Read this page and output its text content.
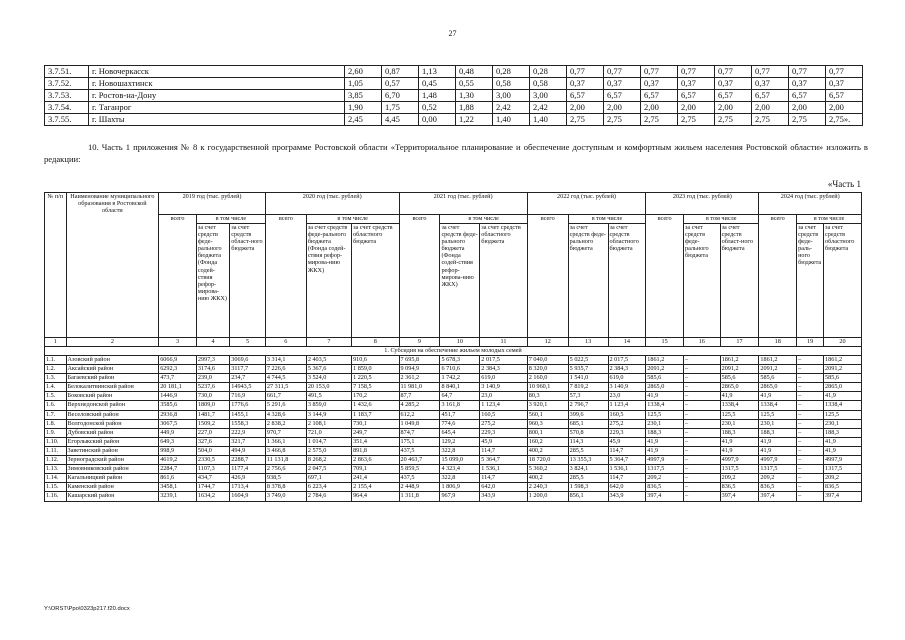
27
3.7.51.	г. Новочеркасск	2,60	0,87	1,13	0,48	0,28	0,28	0,77	0,77	0,77	0,77	0,77	0,77	0,77	0,77
3.7.52.	г. Новошахтинск	1,05	0,57	0,45	0,55	0,58	0,58	0,37	0,37	0,37	0,37	0,37	0,37	0,37	0,37
3.7.53.	г. Ростов-на-Дону	3,85	6,70	1,48	1,30	3,00	3,00	6,57	6,57	6,57	6,57	6,57	6,57	6,57	6,57
3.7.54.	г. Таганрог	1,90	1,75	0,52	1,88	2,42	2,42	2,00	2,00	2,00	2,00	2,00	2,00	2,00	2,00
3.7.55.	г. Шахты	2,45	4,45	0,00	1,22	1,40	1,40	2,75	2,75	2,75	2,75	2,75	2,75	2,75	2,75».
10. Часть 1 приложения № 8 к государственной программе Ростовской области «Территориальное планирование и обеспечение доступным и комфортным жильем населения Ростовской области» изложить в редакции:
«Часть 1
№ п/п	Наименование муниципального образования в Ростовской области	2019 год (тыс. рублей)			2020 год (тыс. рублей)			2021 год (тыс. рублей)			2022 год (тыс. рублей)			2023 год (тыс. рублей)			2024 год (тыс. рублей)		
		всего	в том числе		всего	в том числе		всего	в том числе		всего	в том числе		всего	в том числе		всего	в том числе	
			за счет средств феде-рального бюджета (Фонда содей-ствия рефор-мирова-нию ЖКХ)	за счет средств област-ного бюджета		за счет средств феде-рального бюджета (Фонда содей-ствия рефор-мирова-нию ЖКХ)	за счет средств областного бюджета		за счет средств феде-рального бюджета (Фонда содей-ствия рефор-мирова-нию ЖКХ)	за счет средств областного бюджета		за счет средств феде-рального бюджета	за счет средств областного бюджета		за счет средств феде-рального бюджета	за счет средств област-ного бюджета		за счет средств феде-раль-ного бюджета	за счет средств областного бюджета
1	2	3	4	5	6	7	8	9	10	11	12	13	14	15	16	17	18	19	20
1. Субсидия на обеспечение жильем молодых семей																			
1.1.	Азовский район	6066,9	2997,3	3069,6	3 314,1	2 403,5	910,6	7 695,8	5 678,3	2 017,5	7 040,0	5 022,5	2 017,5	1861,2	–	1861,2	1861,2	–	1861,2
1.2.	Аксайский район	6292,3	3174,6	3117,7	7 226,6	5 367,6	1 859,0	9 094,9	6 710,6	2 384,3	8 320,0	5 935,7	2 384,3	2091,2	–	2091,2	2091,2	–	2091,2
1.3.	Багаевский район	473,7	239,0	234,7	4 744,5	3 524,0	1 220,5	2 361,2	1 742,2	619,0	2 160,0	1 541,0	619,0	585,6	–	585,6	585,6	–	585,6
1.4.	Белокалитвинский район	20 181,1	5237,6	14943,5	27 311,5	20 153,0	7 158,5	11 981,0	8 840,1	3 140,9	10 960,1	7 819,2	3 140,9	2865,0	–	2865,0	2865,0	–	2865,0
1.5.	Боковский район	1446,9	730,0	716,9	661,7	491,5	170,2	87,7	64,7	23,0	80,3	57,3	23,0	41,9	–	41,9	41,9	–	41,9
1.6.	Верхнедонской район	3585,6	1809,0	1776,6	5 291,6	3 859,0	1 432,6	4 285,2	3 161,8	1 123,4	3 920,1	2 796,7	1 123,4	1338,4	–	1338,4	1338,4	–	1338,4
1.7.	Веселовский район	2936,8	1481,7	1455,1	4 328,6	3 144,9	1 183,7	612,2	451,7	160,5	560,1	399,6	160,5	125,5	–	125,5	125,5	–	125,5
1.8.	Волгодонской район	3067,5	1509,2	1558,3	2 838,2	2 108,1	730,1	1 049,8	774,6	275,2	960,3	685,1	275,2	230,1	–	230,1	230,1	–	230,1
1.9.	Дубовский район	449,9	227,0	222,9	970,7	721,0	249,7	874,7	645,4	229,3	800,1	570,8	229,3	188,3	–	188,3	188,3	–	188,3
1.10.	Егорлыкский район	649,3	327,6	321,7	1 366,1	1 014,7	351,4	175,1	129,2	45,9	160,2	114,3	45,9	41,9	–	41,9	41,9	–	41,9
1.11.	Заветинский район	998,9	504,0	494,9	3 466,8	2 575,0	891,8	437,5	322,8	114,7	400,2	285,5	114,7	41,9	–	41,9	41,9	–	41,9
1.12.	Зерноградский район	4619,2	2330,5	2288,7	11 131,8	8 268,2	2 863,6	20 463,7	15 099,0	5 364,7	18 720,0	13 355,3	5 364,7	4997,9	–	4997,9	4997,9	–	4997,9
1.13.	Зимовниковский район	2284,7	1107,3	1177,4	2 756,6	2 047,5	709,1	5 859,5	4 323,4	1 536,1	5 360,2	3 824,1	1 536,1	1317,5	–	1317,5	1317,5	–	1317,5
1.14.	Кагальницкий район	861,6	434,7	426,9	938,5	697,1	241,4	437,5	322,8	114,7	400,2	285,5	114,7	209,2	–	209,2	209,2	–	209,2
1.15.	Каменский район	3458,1	1744,7	1713,4	8 378,8	6 223,4	2 155,4	2 448,9	1 806,9	642,0	2 240,3	1 598,3	642,0	836,5	–	836,5	836,5	–	836,5
1.16.	Кашарский район	3239,1	1634,2	1604,9	3 749,0	2 784,6	964,4	1 311,8	967,9	343,9	1 200,0	856,1	343,9	397,4	–	397,4	397,4	–	397,4
Y:\ORST\Ppo\0323p217.f20.docx
